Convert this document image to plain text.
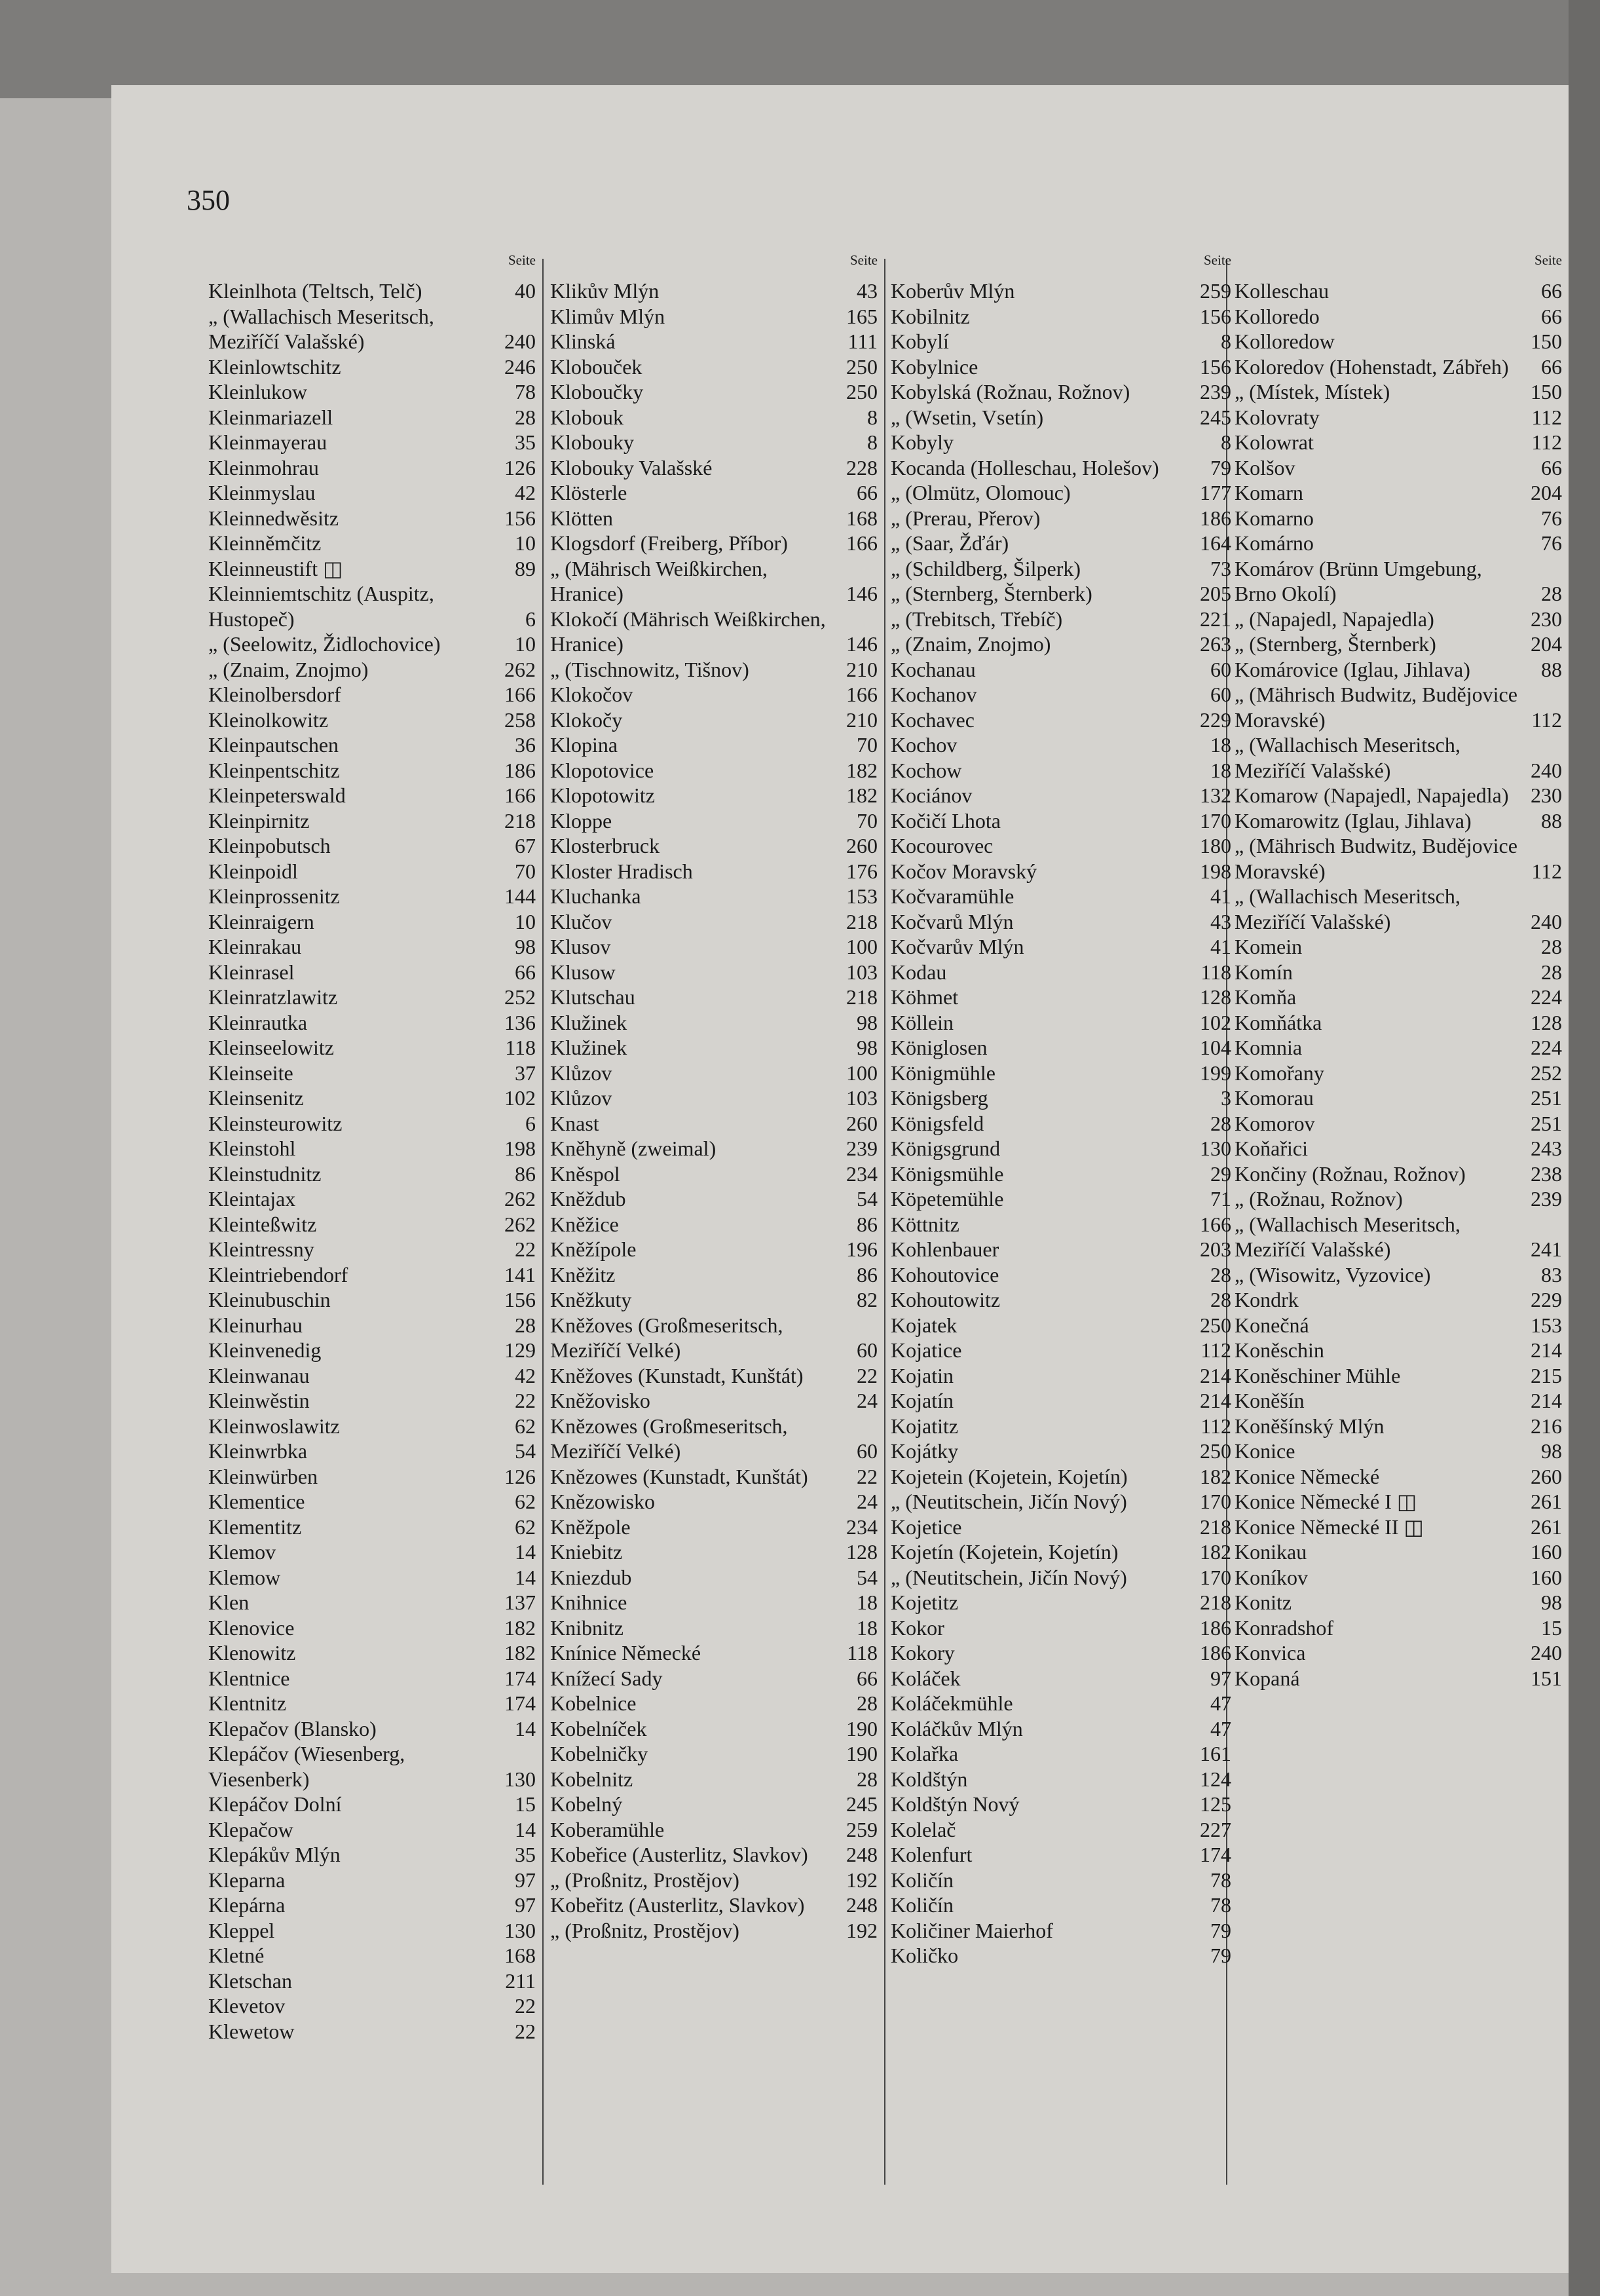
350
Seite
Kleinlhota (Teltsch, Telč)	40
„ (Wallachisch Meseritsch, Meziříčí Valašské)	240
Kleinlowtschitz	246
Kleinlukow	78
Kleinmariazell	28
Kleinmayerau	35
Kleinmohrau	126
Kleinmyslau	42
Kleinnedwěsitz	156
Kleinněmčitz	10
Kleinneustift ◫	89
Kleinniemtschitz (Auspitz, Hustopeč)	6
„ (Seelowitz, Židlochovice)	10
„ (Znaim, Znojmo)	262
Kleinolbersdorf	166
Kleinolkowitz	258
Kleinpautschen	36
Kleinpentschitz	186
Kleinpeterswald	166
Kleinpirnitz	218
Kleinpobutsch	67
Kleinpoidl	70
Kleinprossenitz	144
Kleinraigern	10
Kleinrakau	98
Kleinrasel	66
Kleinratzlawitz	252
Kleinrautka	136
Kleinseelowitz	118
Kleinseite	37
Kleinsenitz	102
Kleinsteurowitz	6
Kleinstohl	198
Kleinstudnitz	86
Kleintajax	262
Kleinteßwitz	262
Kleintressny	22
Kleintriebendorf	141
Kleinubuschin	156
Kleinurhau	28
Kleinvenedig	129
Kleinwanau	42
Kleinwěstin	22
Kleinwoslawitz	62
Kleinwrbka	54
Kleinwürben	126
Klementice	62
Klementitz	62
Klemov	14
Klemow	14
Klen	137
Klenovice	182
Klenowitz	182
Klentnice	174
Klentnitz	174
Klepačov (Blansko)	14
Klepáčov (Wiesenberg, Viesenberk)	130
Klepáčov Dolní	15
Klepačow	14
Klepákův Mlýn	35
Kleparna	97
Klepárna	97
Kleppel	130
Kletné	168
Kletschan	211
Klevetov	22
Klewetow	22
Seite
Klikův Mlýn	43
Klimův Mlýn	165
Klinská	111
Klobouček	250
Kloboučky	250
Klobouk	8
Klobouky	8
Klobouky Valašské	228
Klösterle	66
Klötten	168
Klogsdorf (Freiberg, Příbor)	166
„ (Mährisch Weißkirchen, Hranice)	146
Klokočí (Mährisch Weißkirchen, Hranice)	146
„ (Tischnowitz, Tišnov)	210
Klokočov	166
Klokočy	210
Klopina	70
Klopotovice	182
Klopotowitz	182
Kloppe	70
Klosterbruck	260
Kloster Hradisch	176
Kluchanka	153
Klučov	218
Klusov	100
Klusow	103
Klutschau	218
Klužinek	98
Klužinek	98
Klůzov	100
Klůzov	103
Knast	260
Kněhyně (zweimal)	239
Kněspol	234
Kněždub	54
Kněžice	86
Kněžípole	196
Kněžitz	86
Kněžkuty	82
Kněžoves (Großmeseritsch, Meziříčí Velké)	60
Kněžoves (Kunstadt, Kunštát)	22
Kněžovisko	24
Knězowes (Großmeseritsch, Meziříčí Velké)	60
Knězowes (Kunstadt, Kunštát)	22
Knězowisko	24
Kněžpole	234
Kniebitz	128
Kniezdub	54
Knihnice	18
Knibnitz	18
Knínice Německé	118
Knížecí Sady	66
Kobelnice	28
Kobelníček	190
Kobelničky	190
Kobelnitz	28
Kobelný	245
Koberamühle	259
Kobeřice (Austerlitz, Slavkov)	248
„ (Proßnitz, Prostějov)	192
Kobeřitz (Austerlitz, Slavkov)	248
„ (Proßnitz, Prostějov)	192
Seite
Koberův Mlýn	259
Kobilnitz	156
Kobylí	8
Kobylnice	156
Kobylská (Rožnau, Rožnov)	239
„ (Wsetin, Vsetín)	245
Kobyly	8
Kocanda (Holleschau, Holešov)	79
„ (Olmütz, Olomouc)	177
„ (Prerau, Přerov)	186
„ (Saar, Žďár)	164
„ (Schildberg, Šilperk)	73
„ (Sternberg, Šternberk)	205
„ (Trebitsch, Třebíč)	221
„ (Znaim, Znojmo)	263
Kochanau	60
Kochanov	60
Kochavec	229
Kochov	18
Kochow	18
Kociánov	132
Kočičí Lhota	170
Kocourovec	180
Kočov Moravský	198
Kočvaramühle	41
Kočvarů Mlýn	43
Kočvarův Mlýn	41
Kodau	118
Köhmet	128
Köllein	102
Königlosen	104
Königmühle	199
Königsberg	3
Königsfeld	28
Königsgrund	130
Königsmühle	29
Köpetemühle	71
Köttnitz	166
Kohlenbauer	203
Kohoutovice	28
Kohoutowitz	28
Kojatek	250
Kojatice	112
Kojatin	214
Kojatín	214
Kojatitz	112
Kojátky	250
Kojetein (Kojetein, Kojetín)	182
„ (Neutitschein, Jičín Nový)	170
Kojetice	218
Kojetín (Kojetein, Kojetín)	182
„ (Neutitschein, Jičín Nový)	170
Kojetitz	218
Kokor	186
Kokory	186
Koláček	97
Koláčekmühle	47
Koláčkův Mlýn	47
Kolařka	161
Koldštýn	124
Koldštýn Nový	125
Kolelač	227
Kolenfurt	174
Količín	78
Količín	78
Količiner Maierhof	79
Količko	79
Seite
Kolleschau	66
Kolloredo	66
Kolloredow	150
Koloredov (Hohenstadt, Zábřeh)	66
„ (Místek, Místek)	150
Kolovraty	112
Kolowrat	112
Kolšov	66
Komarn	204
Komarno	76
Komárno	76
Komárov (Brünn Umgebung, Brno Okolí)	28
„ (Napajedl, Napajedla)	230
„ (Sternberg, Šternberk)	204
Komárovice (Iglau, Jihlava)	88
„ (Mährisch Budwitz, Budějovice Moravské)	112
„ (Wallachisch Meseritsch, Meziříčí Valašské)	240
Komarow (Napajedl, Napajedla)	230
Komarowitz (Iglau, Jihlava)	88
„ (Mährisch Budwitz, Budějovice Moravské)	112
„ (Wallachisch Meseritsch, Meziříčí Valašské)	240
Komein	28
Komín	28
Komňa	224
Komňátka	128
Komnia	224
Komořany	252
Komorau	251
Komorov	251
Koňařici	243
Končiny (Rožnau, Rožnov)	238
„ (Rožnau, Rožnov)	239
„ (Wallachisch Meseritsch, Meziříčí Valašské)	241
„ (Wisowitz, Vyzovice)	83
Kondrk	229
Konečná	153
Koněschin	214
Koněschiner Mühle	215
Koněšín	214
Koněšínský Mlýn	216
Konice	98
Konice Německé	260
Konice Německé I ◫	261
Konice Německé II ◫	261
Konikau	160
Koníkov	160
Konitz	98
Konradshof	15
Konvica	240
Kopaná	151
